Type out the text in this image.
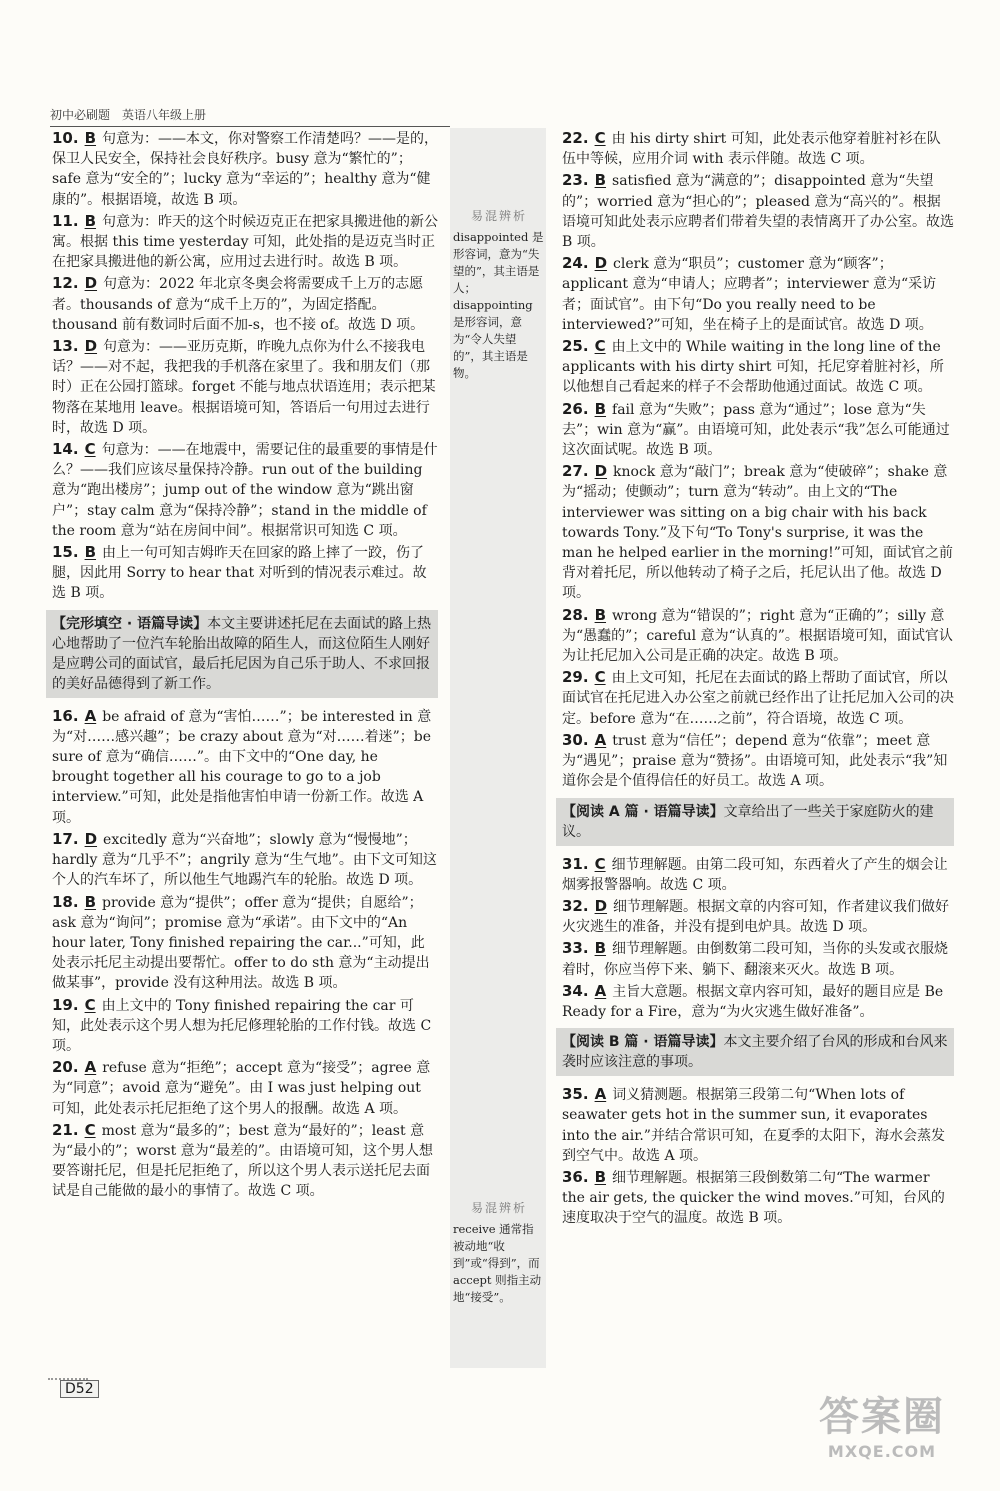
初中必刷题　英语八年级上册
易混辨析
disappointed 是形容词，意为“失望的”，其主语是人；disappointing 是形容词，意为“令人失望的”，其主语是物。
易混辨析
receive 通常指被动地“收到”或“得到”，而 accept 则指主动地“接受”。
10. B 句意为：——本文，你对警察工作清楚吗？——是的，保卫人民安全，保持社会良好秩序。busy 意为“繁忙的”；safe 意为“安全的”；lucky 意为“幸运的”；healthy 意为“健康的”。根据语境，故选 B 项。
11. B 句意为：昨天的这个时候迈克正在把家具搬进他的新公寓。根据 this time yesterday 可知，此处指的是迈克当时正在把家具搬进他的新公寓，应用过去进行时。故选 B 项。
12. D 句意为：2022 年北京冬奥会将需要成千上万的志愿者。thousands of 意为“成千上万的”，为固定搭配。thousand 前有数词时后面不加-s，也不接 of。故选 D 项。
13. D 句意为：——亚历克斯，昨晚九点你为什么不接我电话？——对不起，我把我的手机落在家里了。我和朋友们（那时）正在公园打篮球。forget 不能与地点状语连用；表示把某物落在某地用 leave。根据语境可知，答语后一句用过去进行时，故选 D 项。
14. C 句意为：——在地震中，需要记住的最重要的事情是什么？——我们应该尽量保持冷静。run out of the building 意为“跑出楼房”；jump out of the window 意为“跳出窗户”；stay calm 意为“保持冷静”；stand in the middle of the room 意为“站在房间中间”。根据常识可知选 C 项。
15. B 由上一句可知吉姆昨天在回家的路上摔了一跤，伤了腿，因此用 Sorry to hear that 对听到的情况表示难过。故选 B 项。
【完形填空 · 语篇导读】本文主要讲述托尼在去面试的路上热心地帮助了一位汽车轮胎出故障的陌生人，而这位陌生人刚好是应聘公司的面试官，最后托尼因为自己乐于助人、不求回报的美好品德得到了新工作。
16. A be afraid of 意为“害怕……”；be interested in 意为“对……感兴趣”；be crazy about 意为“对……着迷”；be sure of 意为“确信……”。由下文中的“One day, he brought together all his courage to go to a job interview.”可知，此处是指他害怕申请一份新工作。故选 A 项。
17. D excitedly 意为“兴奋地”；slowly 意为“慢慢地”；hardly 意为“几乎不”；angrily 意为“生气地”。由下文可知这个人的汽车坏了，所以他生气地踢汽车的轮胎。故选 D 项。
18. B provide 意为“提供”；offer 意为“提供；自愿给”；ask 意为“询问”；promise 意为“承诺”。由下文中的“An hour later, Tony finished repairing the car...”可知，此处表示托尼主动提出要帮忙。offer to do sth 意为“主动提出做某事”，provide 没有这种用法。故选 B 项。
19. C 由上文中的 Tony finished repairing the car 可知，此处表示这个男人想为托尼修理轮胎的工作付钱。故选 C 项。
20. A refuse 意为“拒绝”；accept 意为“接受”；agree 意为“同意”；avoid 意为“避免”。由 I was just helping out 可知，此处表示托尼拒绝了这个男人的报酬。故选 A 项。
21. C most 意为“最多的”；best 意为“最好的”；least 意为“最小的”；worst 意为“最差的”。由语境可知，这个男人想要答谢托尼，但是托尼拒绝了，所以这个男人表示送托尼去面试是自己能做的最小的事情了。故选 C 项。
22. C 由 his dirty shirt 可知，此处表示他穿着脏衬衫在队伍中等候，应用介词 with 表示伴随。故选 C 项。
23. B satisfied 意为“满意的”；disappointed 意为“失望的”；worried 意为“担心的”；pleased 意为“高兴的”。根据语境可知此处表示应聘者们带着失望的表情离开了办公室。故选 B 项。
24. D clerk 意为“职员”；customer 意为“顾客”；applicant 意为“申请人；应聘者”；interviewer 意为“采访者；面试官”。由下句“Do you really need to be interviewed?”可知，坐在椅子上的是面试官。故选 D 项。
25. C 由上文中的 While waiting in the long line of the applicants with his dirty shirt 可知，托尼穿着脏衬衫，所以他想自己看起来的样子不会帮助他通过面试。故选 C 项。
26. B fail 意为“失败”；pass 意为“通过”；lose 意为“失去”；win 意为“赢”。由语境可知，此处表示“我”怎么可能通过这次面试呢。故选 B 项。
27. D knock 意为“敲门”；break 意为“使破碎”；shake 意为“摇动；使颤动”；turn 意为“转动”。由上文的“The interviewer was sitting on a big chair with his back towards Tony.”及下句“To Tony's surprise, it was the man he helped earlier in the morning!”可知，面试官之前背对着托尼，所以他转动了椅子之后，托尼认出了他。故选 D 项。
28. B wrong 意为“错误的”；right 意为“正确的”；silly 意为“愚蠢的”；careful 意为“认真的”。根据语境可知，面试官认为让托尼加入公司是正确的决定。故选 B 项。
29. C 由上文可知，托尼在去面试的路上帮助了面试官，所以面试官在托尼进入办公室之前就已经作出了让托尼加入公司的决定。before 意为“在……之前”，符合语境，故选 C 项。
30. A trust 意为“信任”；depend 意为“依靠”；meet 意为“遇见”；praise 意为“赞扬”。由语境可知，此处表示“我”知道你会是个值得信任的好员工。故选 A 项。
【阅读 A 篇 · 语篇导读】文章给出了一些关于家庭防火的建议。
31. C 细节理解题。由第二段可知，东西着火了产生的烟会让烟雾报警器响。故选 C 项。
32. D 细节理解题。根据文章的内容可知，作者建议我们做好火灾逃生的准备，并没有提到电炉具。故选 D 项。
33. B 细节理解题。由倒数第二段可知，当你的头发或衣服烧着时，你应当停下来、躺下、翻滚来灭火。故选 B 项。
34. A 主旨大意题。根据文章内容可知，最好的题目应是 Be Ready for a Fire，意为“为火灾逃生做好准备”。
【阅读 B 篇 · 语篇导读】本文主要介绍了台风的形成和台风来袭时应该注意的事项。
35. A 词义猜测题。根据第三段第二句“When lots of seawater gets hot in the summer sun, it evaporates into the air.”并结合常识可知，在夏季的太阳下，海水会蒸发到空气中。故选 A 项。
36. B 细节理解题。根据第三段倒数第二句“The warmer the air gets, the quicker the wind moves.”可知，台风的速度取决于空气的温度。故选 B 项。
D52
答案圈
MXQE.COM
